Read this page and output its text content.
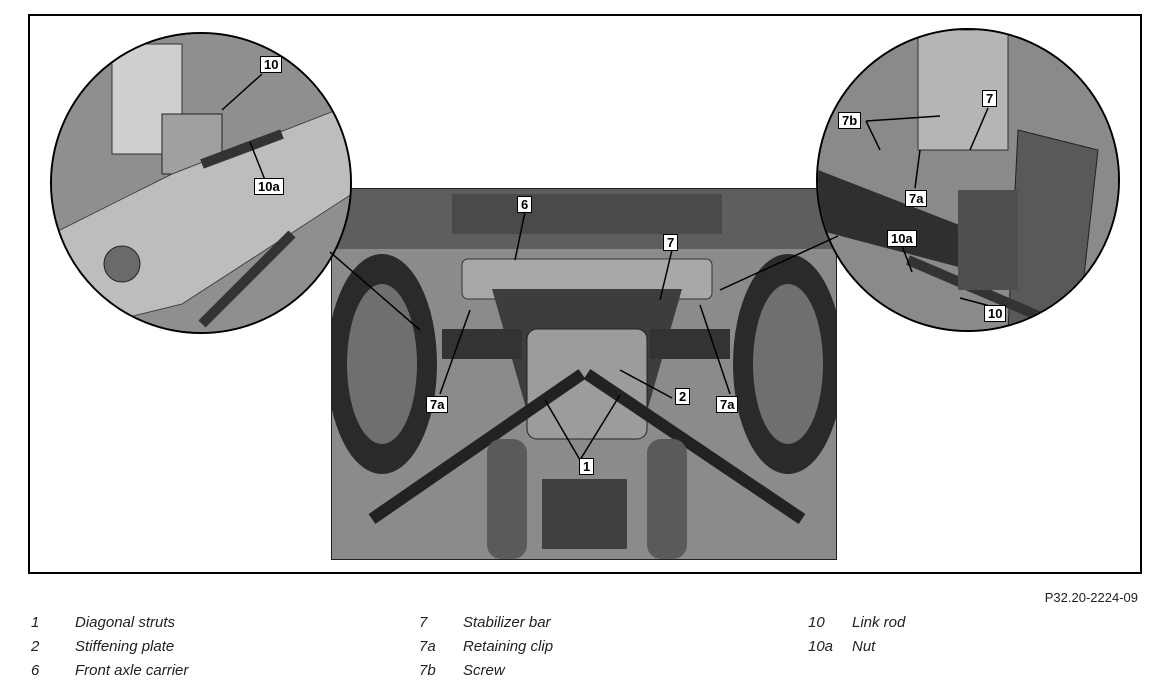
10
10a
6
7
7a	7a
2
1
7b
7
7a
10a
10
P32.20-2224-09
1 Diagonal struts
2 Stiffening plate
6 Front axle carrier
7 Stabilizer bar
7a Retaining clip
7b Screw
10 Link rod
10a Nut
